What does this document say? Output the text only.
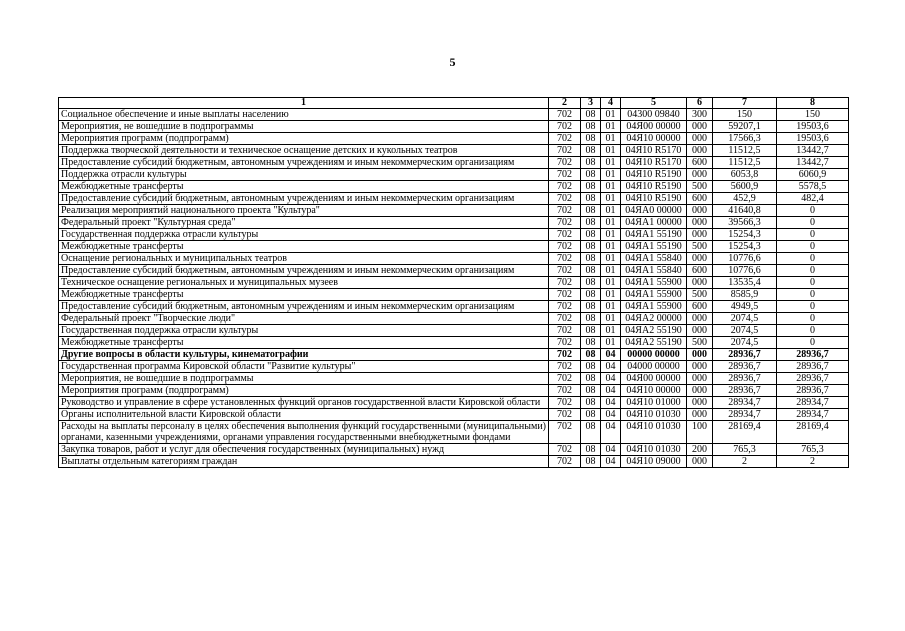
5
1	2	3	4	5	6	7	8
Социальное обеспечение и иные выплаты населению	702	08	01	04300 09840	300	150	150
Мероприятия, не вошедшие в подпрограммы	702	08	01	04Я00 00000	000	59207,1	19503,6
Мероприятия программ (подпрограмм)	702	08	01	04Я10 00000	000	17566,3	19503,6
Поддержка творческой деятельности и техническое оснащение детских и кукольных театров	702	08	01	04Я10 R5170	000	11512,5	13442,7
Предоставление субсидий бюджетным, автономным учреждениям и иным некоммерческим организациям	702	08	01	04Я10 R5170	600	11512,5	13442,7
Поддержка отрасли культуры	702	08	01	04Я10 R5190	000	6053,8	6060,9
Межбюджетные трансферты	702	08	01	04Я10 R5190	500	5600,9	5578,5
Предоставление субсидий бюджетным, автономным учреждениям и иным некоммерческим организациям	702	08	01	04Я10 R5190	600	452,9	482,4
Реализация мероприятий национального проекта "Культура"	702	08	01	04ЯА0 00000	000	41640,8	0
Федеральный проект "Культурная среда"	702	08	01	04ЯА1 00000	000	39566,3	0
Государственная поддержка отрасли культуры	702	08	01	04ЯА1 55190	000	15254,3	0
Межбюджетные трансферты	702	08	01	04ЯА1 55190	500	15254,3	0
Оснащение региональных и муниципальных театров	702	08	01	04ЯА1 55840	000	10776,6	0
Предоставление субсидий бюджетным, автономным учреждениям и иным некоммерческим организациям	702	08	01	04ЯА1 55840	600	10776,6	0
Техническое оснащение региональных и муниципальных музеев	702	08	01	04ЯА1 55900	000	13535,4	0
Межбюджетные трансферты	702	08	01	04ЯА1 55900	500	8585,9	0
Предоставление субсидий бюджетным, автономным учреждениям и иным некоммерческим организациям	702	08	01	04ЯА1 55900	600	4949,5	0
Федеральный проект "Творческие люди"	702	08	01	04ЯА2 00000	000	2074,5	0
Государственная поддержка отрасли культуры	702	08	01	04ЯА2 55190	000	2074,5	0
Межбюджетные трансферты	702	08	01	04ЯА2 55190	500	2074,5	0
Другие вопросы в области культуры, кинематографии	702	08	04	00000 00000	000	28936,7	28936,7
Государственная программа Кировской области "Развитие культуры"	702	08	04	04000 00000	000	28936,7	28936,7
Мероприятия, не вошедшие в подпрограммы	702	08	04	04Я00 00000	000	28936,7	28936,7
Мероприятия программ (подпрограмм)	702	08	04	04Я10 00000	000	28936,7	28936,7
Руководство и управление в сфере установленных функций органов государственной власти Кировской области	702	08	04	04Я10 01000	000	28934,7	28934,7
Органы исполнительной власти Кировской области	702	08	04	04Я10 01030	000	28934,7	28934,7
Расходы на выплаты персоналу в целях обеспечения выполнения функций государственными (муниципальными) органами, казенными учреждениями, органами управления государственными внебюджетными фондами	702	08	04	04Я10 01030	100	28169,4	28169,4
Закупка товаров, работ и услуг для обеспечения государственных (муниципальных) нужд	702	08	04	04Я10 01030	200	765,3	765,3
Выплаты отдельным категориям граждан	702	08	04	04Я10 09000	000	2	2
